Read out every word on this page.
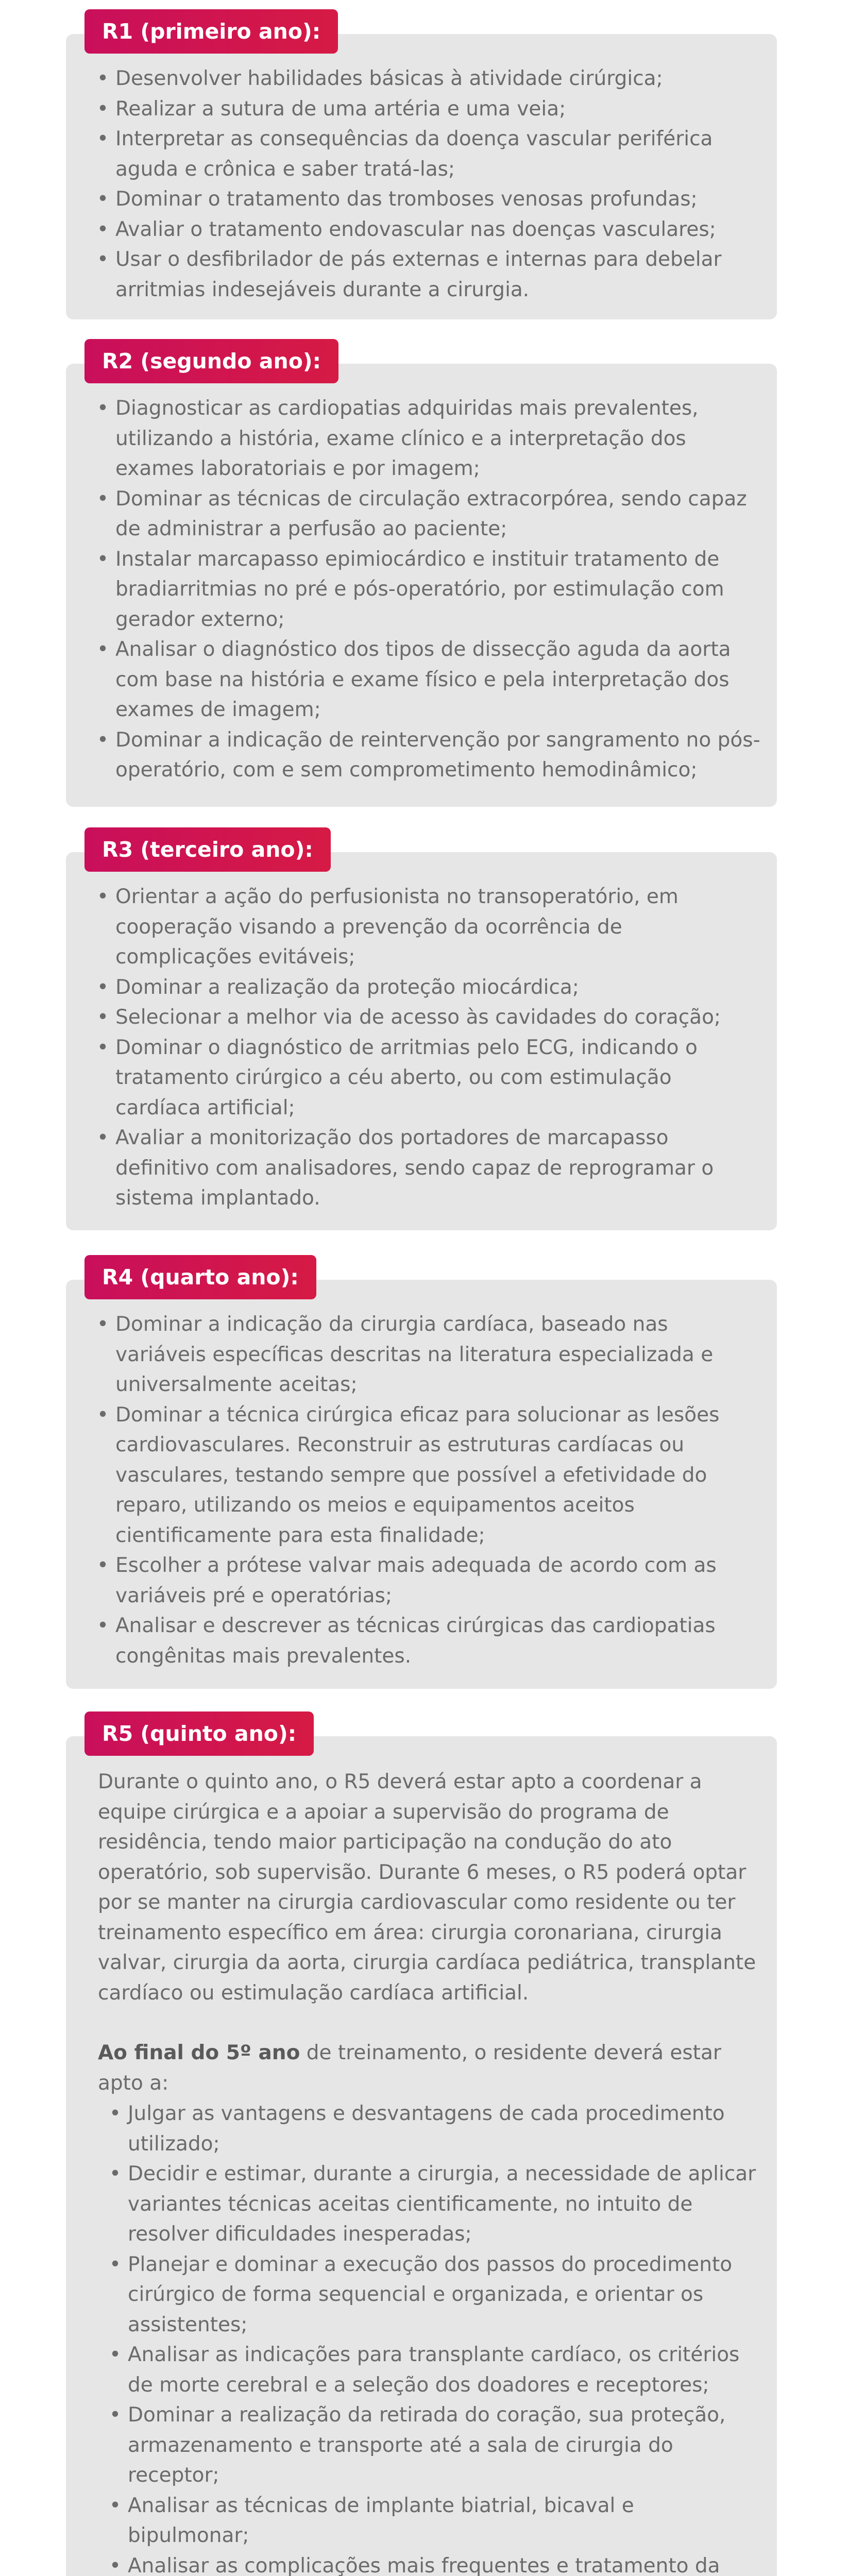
R1 (primeiro ano):
• Desenvolver habilidades básicas à atividade cirúrgica;
• Realizar a sutura de uma artéria e uma veia;
• Interpretar as consequências da doença vascular periférica aguda e crônica e saber tratá-las;
• Dominar o tratamento das tromboses venosas profundas;
• Avaliar o tratamento endovascular nas doenças vasculares;
• Usar o desfibrilador de pás externas e internas para debelar arritmias indesejáveis durante a cirurgia.
R2 (segundo ano):
• Diagnosticar as cardiopatias adquiridas mais prevalentes, utilizando a história, exame clínico e a interpretação dos exames laboratoriais e por imagem;
• Dominar as técnicas de circulação extracorpórea, sendo capaz de administrar a perfusão ao paciente;
• Instalar marcapasso epimiocárdico e instituir tratamento de bradiarritmias no pré e pós-operatório, por estimulação com gerador externo;
• Analisar o diagnóstico dos tipos de dissecção aguda da aorta com base na história e exame físico e pela interpretação dos exames de imagem;
• Dominar a indicação de reintervenção por sangramento no pós-operatório, com e sem comprometimento hemodinâmico;
R3 (terceiro ano):
• Orientar a ação do perfusionista no transoperatório, em cooperação visando a prevenção da ocorrência de complicações evitáveis;
• Dominar a realização da proteção miocárdica;
• Selecionar a melhor via de acesso às cavidades do coração;
• Dominar o diagnóstico de arritmias pelo ECG, indicando o tratamento cirúrgico a céu aberto, ou com estimulação cardíaca artificial;
• Avaliar a monitorização dos portadores de marcapasso definitivo com analisadores, sendo capaz de reprogramar o sistema implantado.
R4 (quarto ano):
• Dominar a indicação da cirurgia cardíaca, baseado nas variáveis específicas descritas na literatura especializada e universalmente aceitas;
• Dominar a técnica cirúrgica eficaz para solucionar as lesões cardiovasculares. Reconstruir as estruturas cardíacas ou vasculares, testando sempre que possível a efetividade do reparo, utilizando os meios e equipamentos aceitos cientificamente para esta finalidade;
• Escolher a prótese valvar mais adequada de acordo com as variáveis pré e operatórias;
• Analisar e descrever as técnicas cirúrgicas das cardiopatias congênitas mais prevalentes.
R5 (quinto ano):

Durante o quinto ano, o R5 deverá estar apto a coordenar a equipe cirúrgica e a apoiar a supervisão do programa de residência, tendo maior participação na condução do ato operatório, sob supervisão. Durante 6 meses, o R5 poderá optar por se manter na cirurgia cardiovascular como residente ou ter treinamento específico em área: cirurgia coronariana, cirurgia valvar, cirurgia da aorta, cirurgia cardíaca pediátrica, transplante cardíaco ou estimulação cardíaca artificial.

Ao final do 5º ano de treinamento, o residente deverá estar apto a:

• Julgar as vantagens e desvantagens de cada procedimento utilizado;
• Decidir e estimar, durante a cirurgia, a necessidade de aplicar variantes técnicas aceitas cientificamente, no intuito de resolver dificuldades inesperadas;
• Planejar e dominar a execução dos passos do procedimento cirúrgico de forma sequencial e organizada, e orientar os assistentes;
• Analisar as indicações para transplante cardíaco, os critérios de morte cerebral e a seleção dos doadores e receptores;
• Dominar a realização da retirada do coração, sua proteção, armazenamento e transporte até a sala de cirurgia do receptor;
• Analisar as técnicas de implante biatrial, bicaval e bipulmonar;
• Analisar as complicações mais frequentes e tratamento da
